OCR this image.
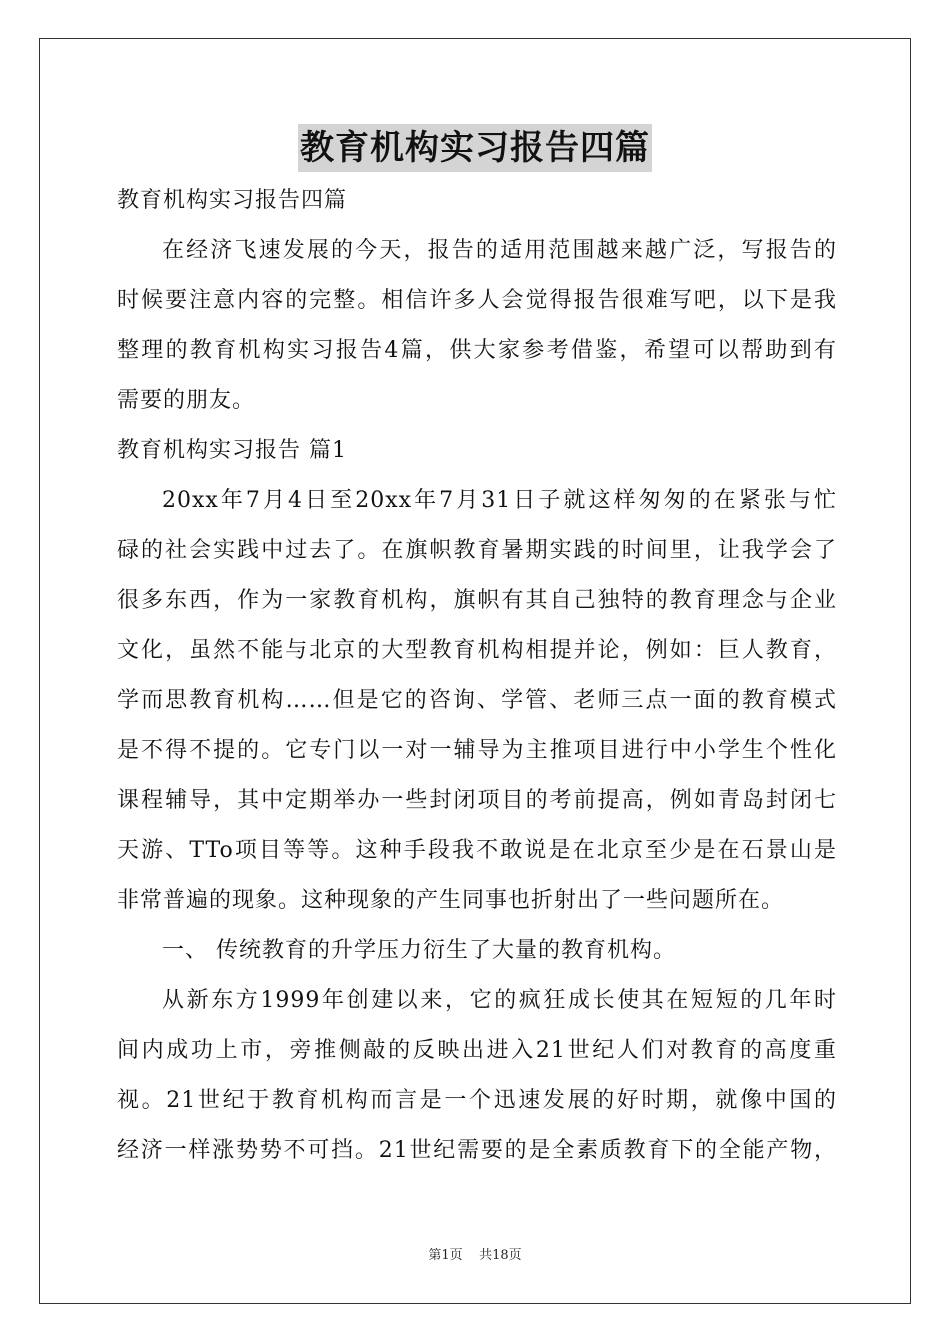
教育机构实习报告四篇
教育机构实习报告四篇
在经济飞速发展的今天，报告的适用范围越来越广泛，写报告的
时候要注意内容的完整。相信许多人会觉得报告很难写吧，以下是我
整理的教育机构实习报告4篇，供大家参考借鉴，希望可以帮助到有
需要的朋友。
教育机构实习报告 篇1
20xx年7月4日至20xx年7月31日子就这样匆匆的在紧张与忙
碌的社会实践中过去了。在旗帜教育暑期实践的时间里，让我学会了
很多东西，作为一家教育机构，旗帜有其自己独特的教育理念与企业
文化，虽然不能与北京的大型教育机构相提并论，例如：巨人教育，
学而思教育机构……但是它的咨询、学管、老师三点一面的教育模式
是不得不提的。它专门以一对一辅导为主推项目进行中小学生个性化
课程辅导，其中定期举办一些封闭项目的考前提高，例如青岛封闭七
天游、TTo项目等等。这种手段我不敢说是在北京至少是在石景山是
非常普遍的现象。这种现象的产生同事也折射出了一些问题所在。
一、 传统教育的升学压力衍生了大量的教育机构。
从新东方1999年创建以来，它的疯狂成长使其在短短的几年时
间内成功上市，旁推侧敲的反映出进入21世纪人们对教育的高度重
视。21世纪于教育机构而言是一个迅速发展的好时期，就像中国的
经济一样涨势势不可挡。21世纪需要的是全素质教育下的全能产物，
第1页 共18页
